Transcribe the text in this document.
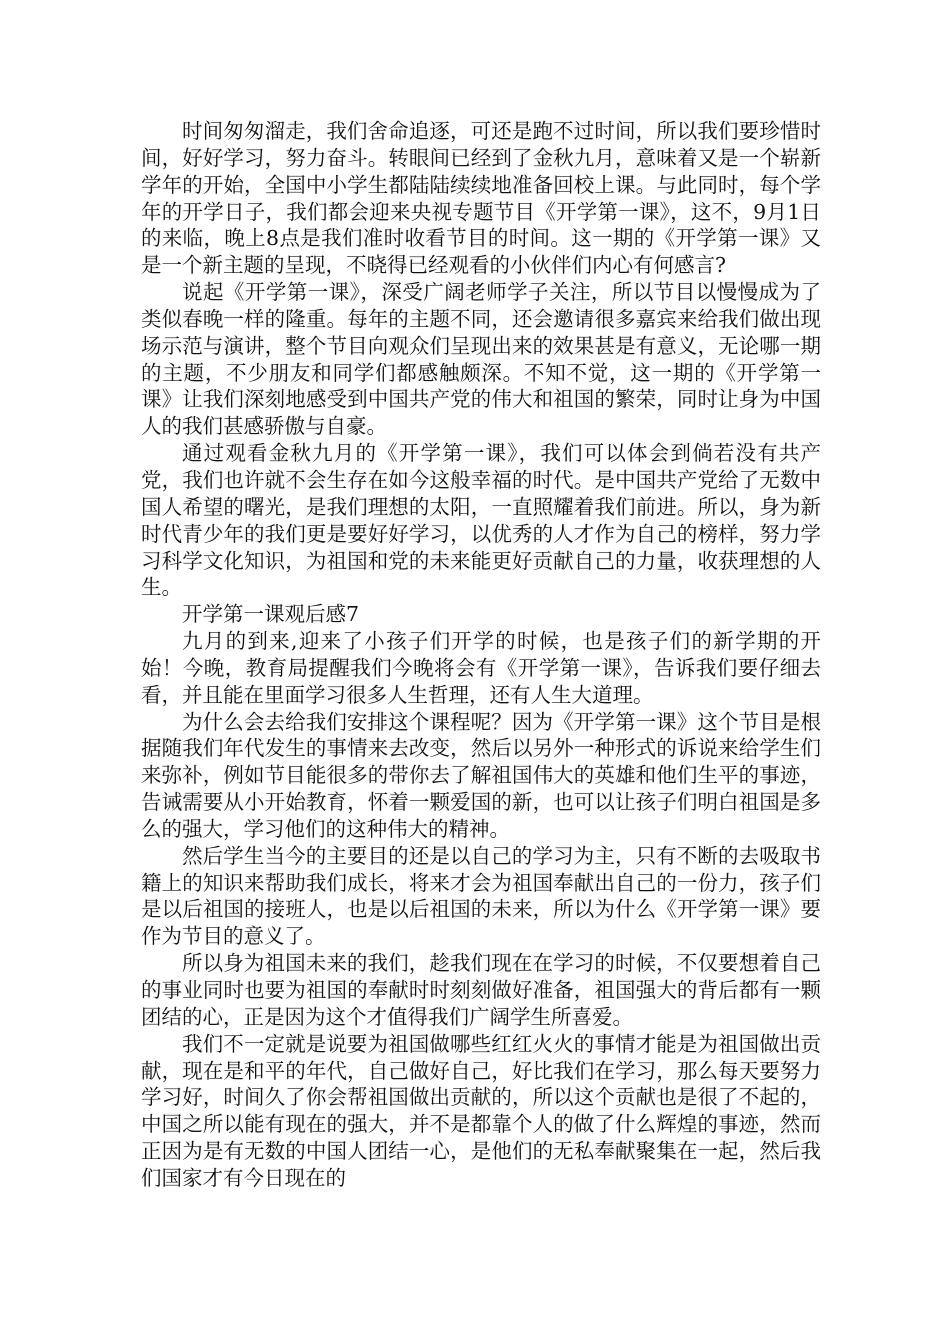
时间匆匆溜走，我们舍命追逐，可还是跑不过时间，所以我们要珍惜时间，好好学习，努力奋斗。转眼间已经到了金秋九月，意味着又是一个崭新学年的开始，全国中小学生都陆陆续续地准备回校上课。与此同时，每个学年的开学日子，我们都会迎来央视专题节目《开学第一课》，这不，9月1日的来临，晚上8点是我们准时收看节目的时间。这一期的《开学第一课》又是一个新主题的呈现，不晓得已经观看的小伙伴们内心有何感言?

说起《开学第一课》，深受广阔老师学子关注，所以节目以慢慢成为了类似春晚一样的隆重。每年的主题不同，还会邀请很多嘉宾来给我们做出现场示范与演讲，整个节目向观众们呈现出来的效果甚是有意义，无论哪一期的主题，不少朋友和同学们都感触颇深。不知不觉，这一期的《开学第一课》让我们深刻地感受到中国共产党的伟大和祖国的繁荣，同时让身为中国人的我们甚感骄傲与自豪。

通过观看金秋九月的《开学第一课》，我们可以体会到倘若没有共产党，我们也许就不会生存在如今这般幸福的时代。是中国共产党给了无数中国人希望的曙光，是我们理想的太阳，一直照耀着我们前进。所以，身为新时代青少年的我们更是要好好学习，以优秀的人才作为自己的榜样，努力学习科学文化知识，为祖国和党的未来能更好贡献自己的力量，收获理想的人生。

开学第一课观后感7

九月的到来,迎来了小孩子们开学的时候，也是孩子们的新学期的开始！今晚，教育局提醒我们今晚将会有《开学第一课》，告诉我们要仔细去看，并且能在里面学习很多人生哲理，还有人生大道理。

为什么会去给我们安排这个课程呢？因为《开学第一课》这个节目是根据随我们年代发生的事情来去改变，然后以另外一种形式的诉说来给学生们来弥补，例如节目能很多的带你去了解祖国伟大的英雄和他们生平的事迹，告诫需要从小开始教育，怀着一颗爱国的新，也可以让孩子们明白祖国是多么的强大，学习他们的这种伟大的精神。

然后学生当今的主要目的还是以自己的学习为主，只有不断的去吸取书籍上的知识来帮助我们成长，将来才会为祖国奉献出自己的一份力，孩子们是以后祖国的接班人，也是以后祖国的未来，所以为什么《开学第一课》要作为节目的意义了。

所以身为祖国未来的我们，趁我们现在在学习的时候，不仅要想着自己的事业同时也要为祖国的奉献时时刻刻做好准备，祖国强大的背后都有一颗团结的心，正是因为这个才值得我们广阔学生所喜爱。

我们不一定就是说要为祖国做哪些红红火火的事情才能是为祖国做出贡献，现在是和平的年代，自己做好自己，好比我们在学习，那么每天要努力学习好，时间久了你会帮祖国做出贡献的，所以这个贡献也是很了不起的，中国之所以能有现在的强大，并不是都靠个人的做了什么辉煌的事迹，然而正因为是有无数的中国人团结一心，是他们的无私奉献聚集在一起，然后我们国家才有今日现在的
